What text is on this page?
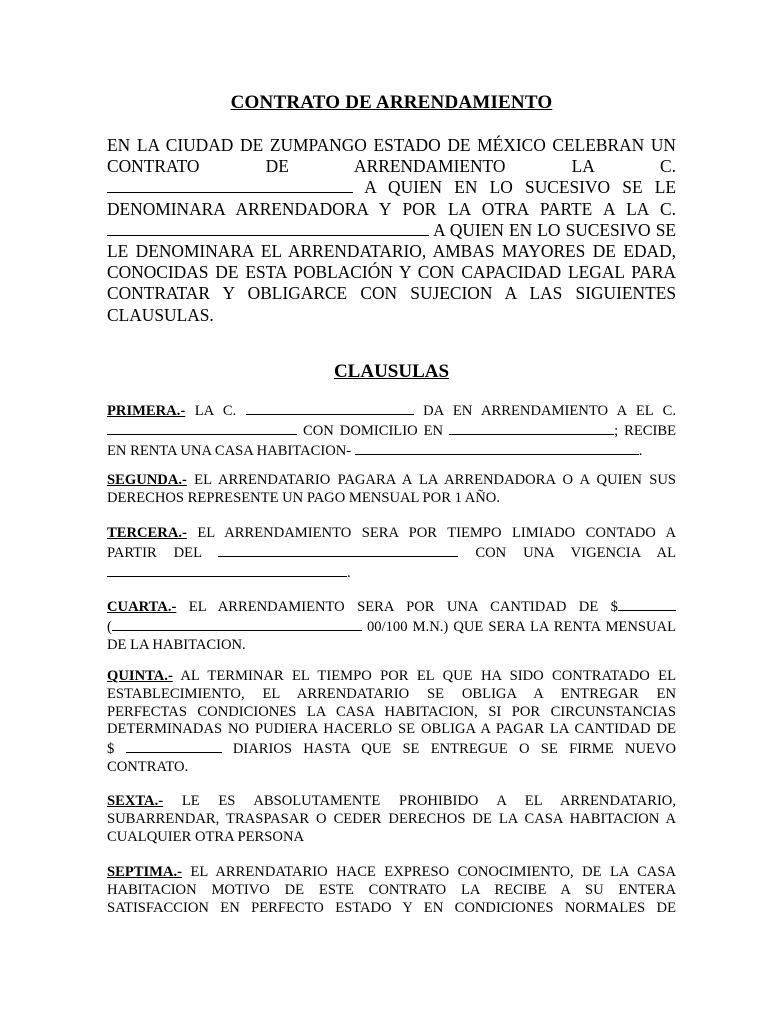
CONTRATO DE ARRENDAMIENTO
EN LA CIUDAD DE ZUMPANGO ESTADO DE MÉXICO CELEBRAN UN
CONTRATO DE ARRENDAMIENTO LA C.
A QUIEN EN LO SUCESIVO SE LE
DENOMINARA ARRENDADORA Y POR LA OTRA PARTE A LA C.
A QUIEN EN LO SUCESIVO SE
LE DENOMINARA EL ARRENDATARIO, AMBAS MAYORES DE EDAD,
CONOCIDAS DE ESTA POBLACIÓN Y CON CAPACIDAD LEGAL PARA
CONTRATAR Y OBLIGARCE CON SUJECION A LAS SIGUIENTES
CLAUSULAS.
CLAUSULAS
PRIMERA.- LA C.	DA EN ARRENDAMIENTO A EL C.
CON DOMICILIO EN	; RECIBE
EN RENTA UNA CASA HABITACION-	.
SEGUNDA.- EL ARRENDATARIO PAGARA A LA ARRENDADORA O A QUIEN SUS
DERECHOS REPRESENTE UN PAGO MENSUAL POR 1 AÑO.
TERCERA.- EL ARRENDAMIENTO SERA POR TIEMPO LIMIADO CONTADO A
PARTIR DEL	CON UNA VIGENCIA AL
.
CUARTA.- EL ARRENDAMIENTO SERA POR UNA CANTIDAD DE $
(	00/100 M.N.) QUE SERA LA RENTA MENSUAL
DE LA HABITACION.
QUINTA.- AL TERMINAR EL TIEMPO POR EL QUE HA SIDO CONTRATADO EL
ESTABLECIMIENTO, EL ARRENDATARIO SE OBLIGA A ENTREGAR EN
PERFECTAS CONDICIONES LA CASA HABITACION, SI POR CIRCUNSTANCIAS
DETERMINADAS NO PUDIERA HACERLO SE OBLIGA A PAGAR LA CANTIDAD DE
$	DIARIOS HASTA QUE SE ENTREGUE O SE FIRME NUEVO
CONTRATO.
SEXTA.- LE ES ABSOLUTAMENTE PROHIBIDO A EL ARRENDATARIO,
SUBARRENDAR, TRASPASAR O CEDER DERECHOS DE LA CASA HABITACION A
CUALQUIER OTRA PERSONA
SEPTIMA.- EL ARRENDATARIO HACE EXPRESO CONOCIMIENTO, DE LA CASA
HABITACION MOTIVO DE ESTE CONTRATO LA RECIBE A SU ENTERA
SATISFACCION EN PERFECTO ESTADO Y EN CONDICIONES NORMALES DE
